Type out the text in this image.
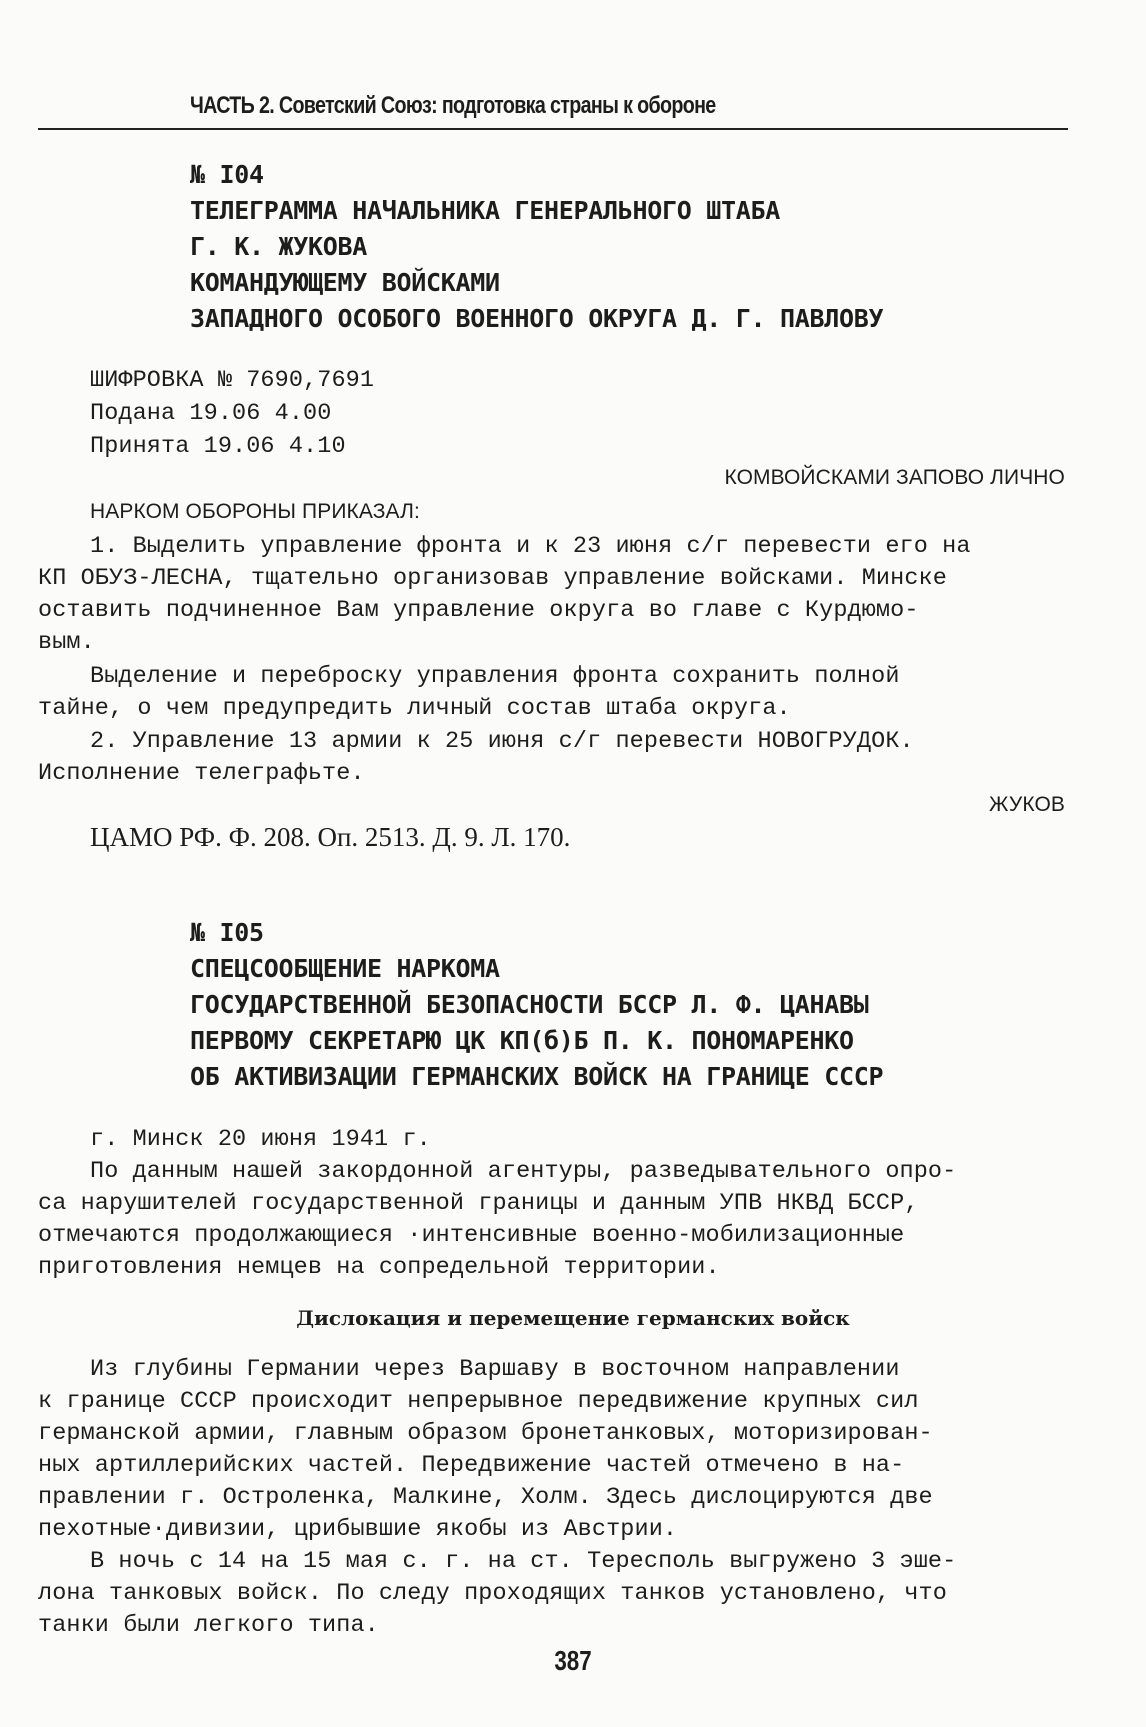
ЧАСТЬ 2. Советский Союз: подготовка страны к обороне
№ I04
ТЕЛЕГРАММА НАЧАЛЬНИКА ГЕНЕРАЛЬНОГО ШТАБА
Г. К. ЖУКОВА
КОМАНДУЮЩЕМУ ВОЙСКАМИ
ЗАПАДНОГО ОСОБОГО ВОЕННОГО ОКРУГА Д. Г. ПАВЛОВУ
ШИФРОВКА № 7690,7691
Подана 19.06 4.00
Принята 19.06 4.10
КОМВОЙСКАМИ ЗАПОВО ЛИЧНО
НАРКОМ ОБОРОНЫ ПРИКАЗАЛ:
1. Выделить управление фронта и к 23 июня с/г перевести его на
КП ОБУЗ-ЛЕСНА, тщательно организовав управление войсками. Минске
оставить подчиненное Вам управление округа во главе с Курдюмо-
вым.
Выделение и переброску управления фронта сохранить полной
тайне, о чем предупредить личный состав штаба округа.
2. Управление 13 армии к 25 июня с/г перевести НОВОГРУДОК.
Исполнение телеграфьте.
ЖУКОВ
ЦАМО РФ. Ф. 208. Оп. 2513. Д. 9. Л. 170.
№ I05
СПЕЦСООБЩЕНИЕ НАРКОМА
ГОСУДАРСТВЕННОЙ БЕЗОПАСНОСТИ БССР Л. Ф. ЦАНАВЫ
ПЕРВОМУ СЕКРЕТАРЮ ЦК КП(б)Б П. К. ПОНОМАРЕНКО
ОБ АКТИВИЗАЦИИ ГЕРМАНСКИХ ВОЙСК НА ГРАНИЦЕ СССР
г. Минск 20 июня 1941 г.
По данным нашей закордонной агентуры, разведывательного опро-
са нарушителей государственной границы и данным УПВ НКВД БССР,
отмечаются продолжающиеся ·интенсивные военно-мобилизационные
приготовления немцев на сопредельной территории.
Дислокация и перемещение германских войск
Из глубины Германии через Варшаву в восточном направлении
к границе СССР происходит непрерывное передвижение крупных сил
германской армии, главным образом бронетанковых, моторизирован-
ных артиллерийских частей. Передвижение частей отмечено в на-
правлении г. Остроленка, Малкине, Холм. Здесь дислоцируются две
пехотные·дивизии, црибывшие якобы из Австрии.
В ночь с 14 на 15 мая с. г. на ст. Тересполь выгружено 3 эше-
лона танковых войск. По следу проходящих танков установлено, что
танки были легкого типа.
387
